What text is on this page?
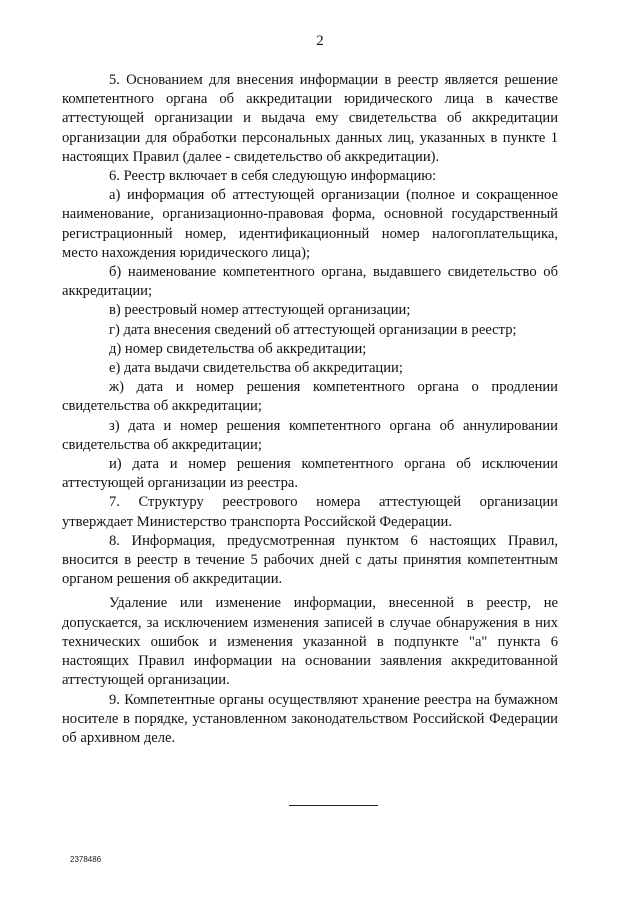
2

5. Основанием для внесения информации в реестр является решение компетентного органа об аккредитации юридического лица в качестве аттестующей организации и выдача ему свидетельства об аккредитации организации для обработки персональных данных лиц, указанных в пункте 1 настоящих Правил (далее - свидетельство об аккредитации).

6. Реестр включает в себя следующую информацию:

а) информация об аттестующей организации (полное и сокращенное наименование, организационно-правовая форма, основной государственный регистрационный номер, идентификационный номер налогоплательщика, место нахождения юридического лица);

б) наименование компетентного органа, выдавшего свидетельство об аккредитации;

в) реестровый номер аттестующей организации;

г) дата внесения сведений об аттестующей организации в реестр;

д) номер свидетельства об аккредитации;

е) дата выдачи свидетельства об аккредитации;

ж) дата и номер решения компетентного органа о продлении свидетельства об аккредитации;

з) дата и номер решения компетентного органа об аннулировании свидетельства об аккредитации;

и) дата и номер решения компетентного органа об исключении аттестующей организации из реестра.

7. Структуру реестрового номера аттестующей организации утверждает Министерство транспорта Российской Федерации.

8. Информация, предусмотренная пунктом 6 настоящих Правил, вносится в реестр в течение 5 рабочих дней с даты принятия компетентным органом решения об аккредитации.

Удаление или изменение информации, внесенной в реестр, не допускается, за исключением изменения записей в случае обнаружения в них технических ошибок и изменения указанной в подпункте "а" пункта 6 настоящих Правил информации на основании заявления аккредитованной аттестующей организации.

9. Компетентные органы осуществляют хранение реестра на бумажном носителе в порядке, установленном законодательством Российской Федерации об архивном деле.

2378486
